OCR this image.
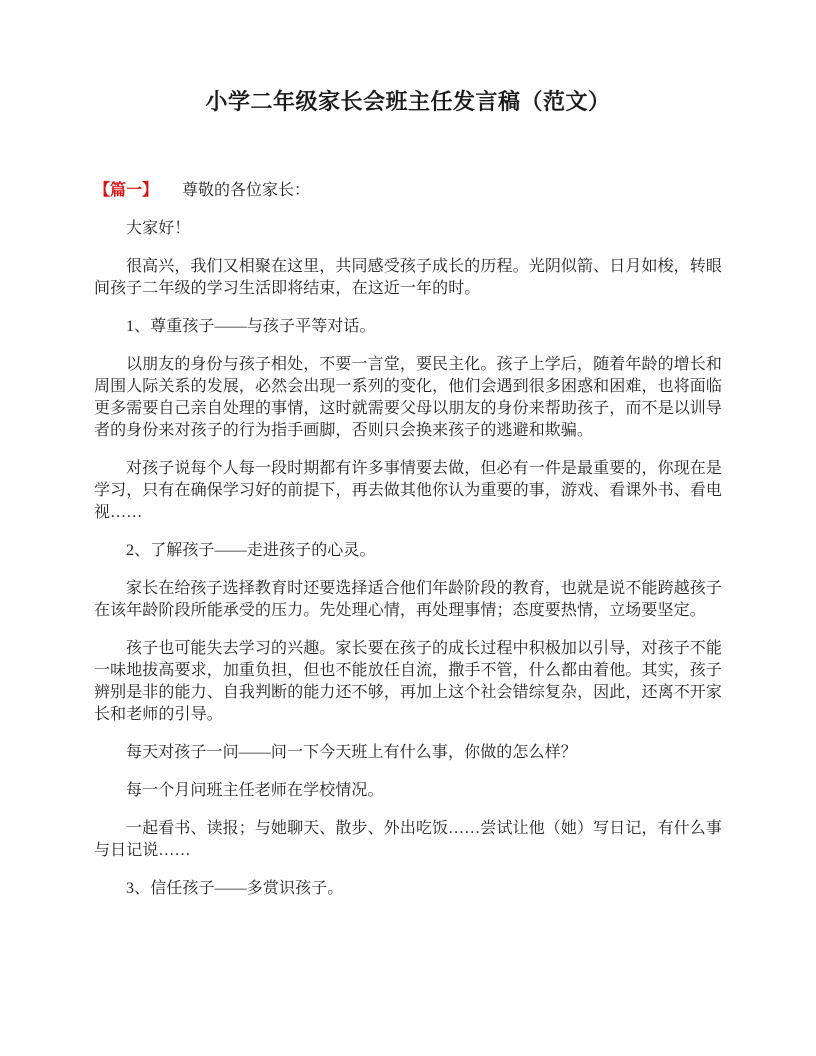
小学二年级家长会班主任发言稿（范文）
【篇一】 尊敬的各位家长：

大家好！

很高兴，我们又相聚在这里，共同感受孩子成长的历程。光阴似箭、日月如梭，转眼间孩子二年级的学习生活即将结束，在这近一年的时。

1、尊重孩子——与孩子平等对话。

以朋友的身份与孩子相处，不要一言堂，要民主化。孩子上学后，随着年龄的增长和周围人际关系的发展，必然会出现一系列的变化，他们会遇到很多困惑和困难，也将面临更多需要自己亲自处理的事情，这时就需要父母以朋友的身份来帮助孩子，而不是以训导者的身份来对孩子的行为指手画脚，否则只会换来孩子的逃避和欺骗。

对孩子说每个人每一段时期都有许多事情要去做，但必有一件是最重要的，你现在是学习，只有在确保学习好的前提下，再去做其他你认为重要的事，游戏、看课外书、看电视……

2、了解孩子——走进孩子的心灵。

家长在给孩子选择教育时还要选择适合他们年龄阶段的教育，也就是说不能跨越孩子在该年龄阶段所能承受的压力。先处理心情，再处理事情；态度要热情，立场要坚定。

孩子也可能失去学习的兴趣。家长要在孩子的成长过程中积极加以引导，对孩子不能一味地拔高要求，加重负担，但也不能放任自流，撒手不管，什么都由着他。其实，孩子辨别是非的能力、自我判断的能力还不够，再加上这个社会错综复杂，因此，还离不开家长和老师的引导。

每天对孩子一问——问一下今天班上有什么事，你做的怎么样？

每一个月问班主任老师在学校情况。

一起看书、读报；与她聊天、散步、外出吃饭……尝试让他（她）写日记，有什么事与日记说……

3、信任孩子——多赏识孩子。
